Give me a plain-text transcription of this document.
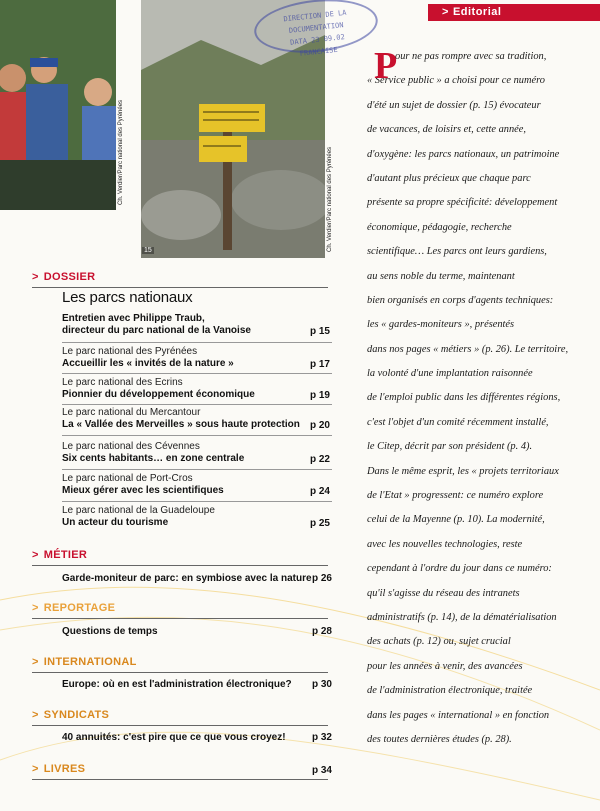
Ch. Verdier/Parc national des Pyrénées
15	Ch. Verdier/Parc national des Pyrénées
DIRECTION DE LA DOCUMENTATION
DATA 23 09.02
FRANCAISE
> Editorial
P
our ne pas rompre avec sa tradition,
« Service public » a choisi pour ce numéro
d'été un sujet de dossier (p. 15) évocateur
de vacances, de loisirs et, cette année,
d'oxygène: les parcs nationaux, un patrimoine
d'autant plus précieux que chaque parc
présente sa propre spécificité: développement
économique, pédagogie, recherche
scientifique… Les parcs ont leurs gardiens,
au sens noble du terme, maintenant
bien organisés en corps d'agents techniques:
les « gardes-moniteurs », présentés
dans nos pages « métiers » (p. 26). Le territoire,
la volonté d'une implantation raisonnée
de l'emploi public dans les différentes régions,
c'est l'objet d'un comité récemment installé,
le Citep, décrit par son président (p. 4).
Dans le même esprit, les « projets territoriaux
de l'Etat » progressent: ce numéro explore
celui de la Mayenne (p. 10). La modernité,
avec les nouvelles technologies, reste
cependant à l'ordre du jour dans ce numéro:
qu'il s'agisse du réseau des intranets
administratifs (p. 14), de la dématérialisation
des achats (p. 12) ou, sujet crucial
pour les années à venir, des avancées
de l'administration électronique, traitée
dans les pages « international » en fonction
des toutes dernières études (p. 28).
> DOSSIER
Les parcs nationaux
Entretien avec Philippe Traub,
directeur du parc national de la Vanoise	p 15
Le parc national des Pyrénées
Accueillir les « invités de la nature »	p 17
Le parc national des Ecrins
Pionnier du développement économique	p 19
Le parc national du Mercantour
La « Vallée des Merveilles » sous haute protection	p 20
Le parc national des Cévennes
Six cents habitants… en zone centrale	p 22
Le parc national de Port-Cros
Mieux gérer avec les scientifiques	p 24
Le parc national de la Guadeloupe
Un acteur du tourisme	p 25
> MÉTIER
Garde-moniteur de parc: en symbiose avec la nature p 26
> REPORTAGE
Questions de temps	p 28
> INTERNATIONAL
Europe: où en est l'administration électronique? p 30
> SYNDICATS
40 annuités: c'est pire que ce que vous croyez!	p 32
> LIVRES	p 34
